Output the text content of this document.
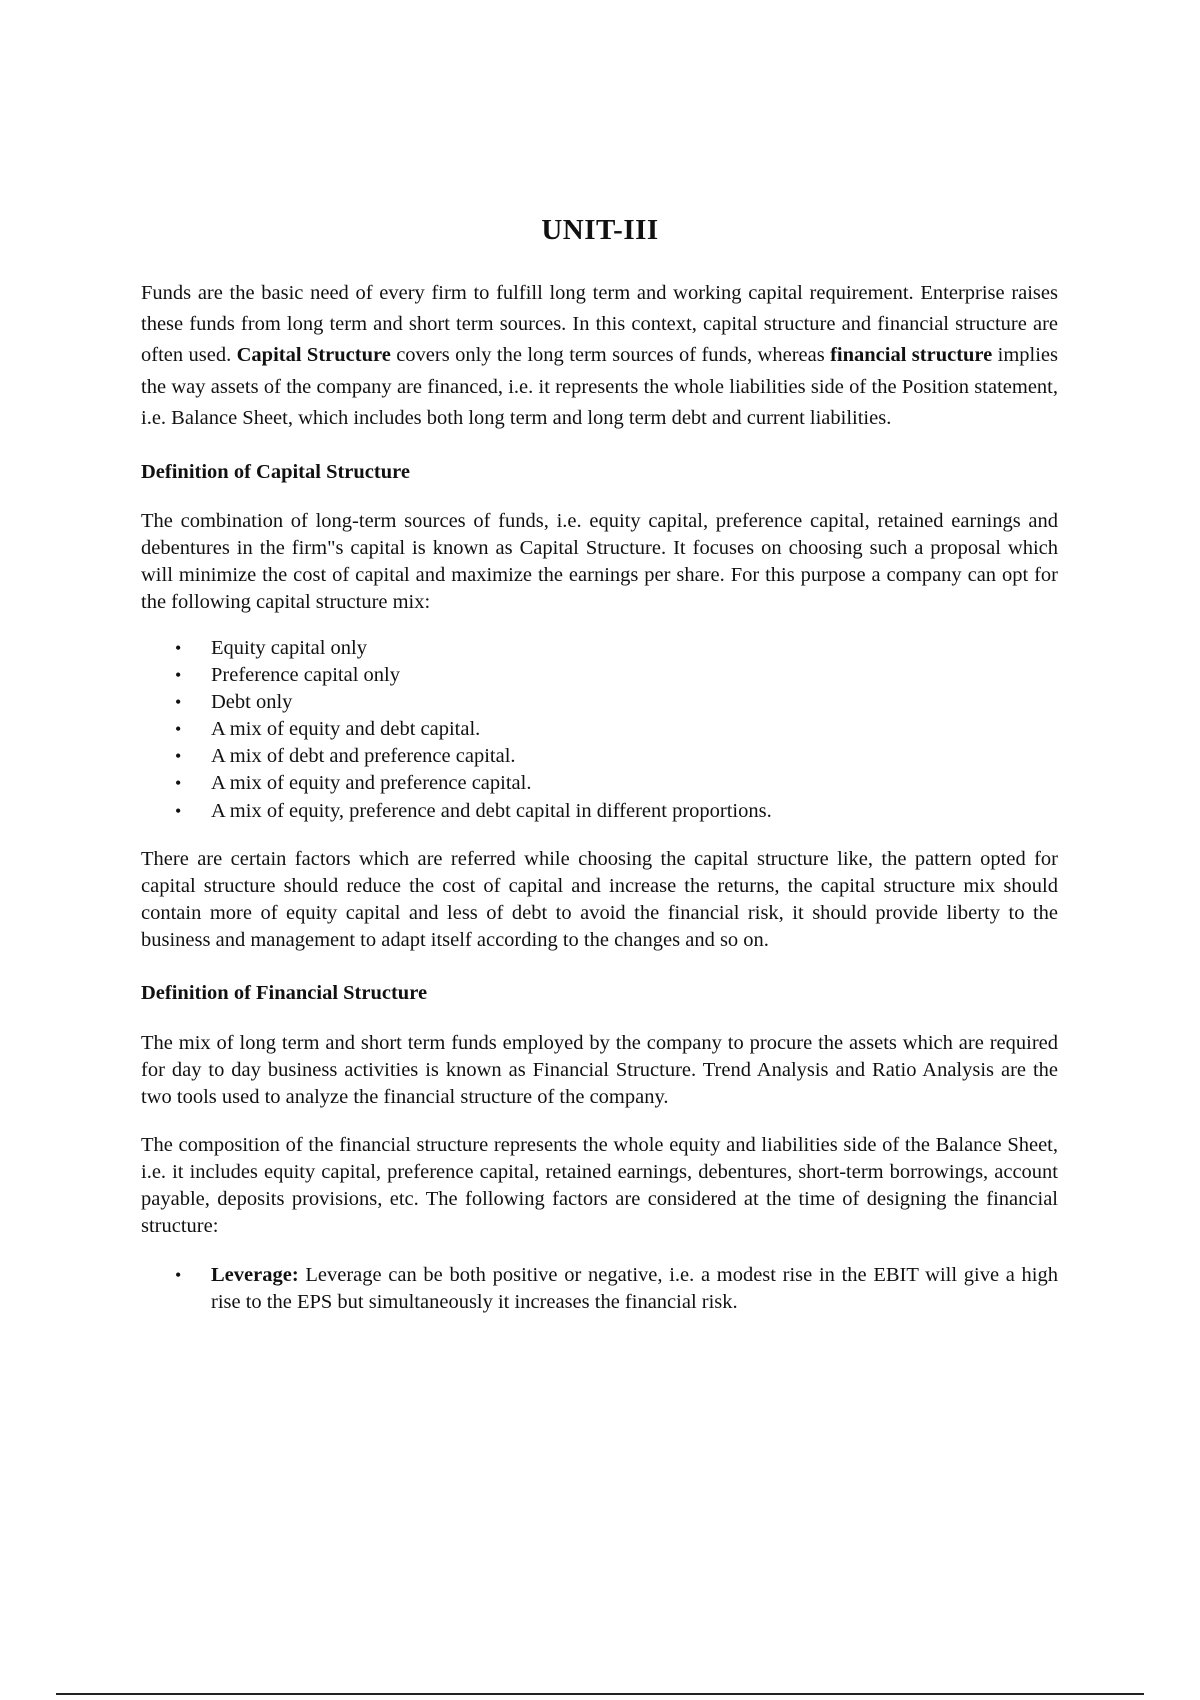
UNIT-III

Funds are the basic need of every firm to fulfill long term and working capital requirement. Enterprise raises these funds from long term and short term sources. In this context, capital structure and financial structure are often used. Capital Structure covers only the long term sources of funds, whereas financial structure implies the way assets of the company are financed, i.e. it represents the whole liabilities side of the Position statement, i.e. Balance Sheet, which includes both long term and long term debt and current liabilities.

Definition of Capital Structure

The combination of long-term sources of funds, i.e. equity capital, preference capital, retained earnings and debentures in the firm"s capital is known as Capital Structure. It focuses on choosing such a proposal which will minimize the cost of capital and maximize the earnings per share. For this purpose a company can opt for the following capital structure mix:

• Equity capital only
• Preference capital only
• Debt only
• A mix of equity and debt capital.
• A mix of debt and preference capital.
• A mix of equity and preference capital.
• A mix of equity, preference and debt capital in different proportions.

There are certain factors which are referred while choosing the capital structure like, the pattern opted for capital structure should reduce the cost of capital and increase the returns, the capital structure mix should contain more of equity capital and less of debt to avoid the financial risk, it should provide liberty to the business and management to adapt itself according to the changes and so on.

Definition of Financial Structure

The mix of long term and short term funds employed by the company to procure the assets which are required for day to day business activities is known as Financial Structure. Trend Analysis and Ratio Analysis are the two tools used to analyze the financial structure of the company.

The composition of the financial structure represents the whole equity and liabilities side of the Balance Sheet, i.e. it includes equity capital, preference capital, retained earnings, debentures, short-term borrowings, account payable, deposits provisions, etc. The following factors are considered at the time of designing the financial structure:

• Leverage: Leverage can be both positive or negative, i.e. a modest rise in the EBIT will give a high rise to the EPS but simultaneously it increases the financial risk.
